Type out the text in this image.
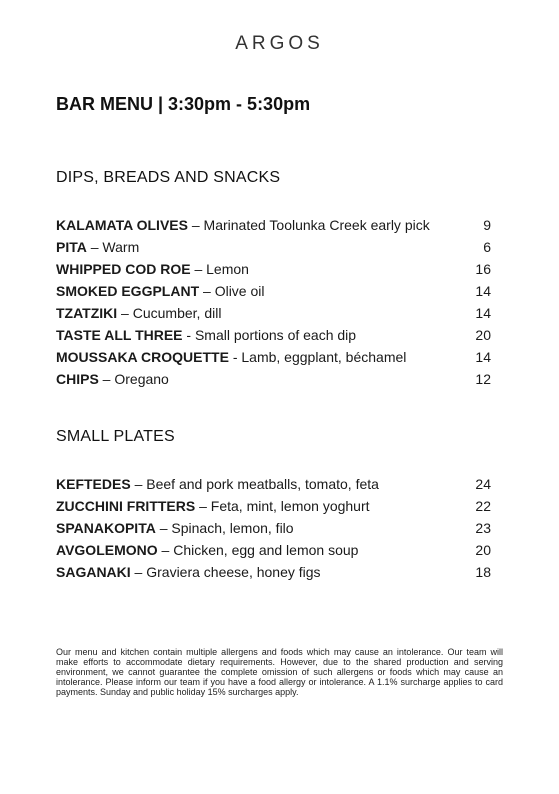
ARGOS
BAR MENU | 3:30pm - 5:30pm
DIPS, BREADS AND SNACKS
KALAMATA OLIVES – Marinated Toolunka Creek early pick	9
PITA – Warm	6
WHIPPED COD ROE – Lemon	16
SMOKED EGGPLANT – Olive oil	14
TZATZIKI – Cucumber, dill	14
TASTE ALL THREE - Small portions of each dip	20
MOUSSAKA CROQUETTE - Lamb, eggplant, béchamel	14
CHIPS – Oregano	12
SMALL PLATES
KEFTEDES – Beef and pork meatballs, tomato, feta	24
ZUCCHINI FRITTERS – Feta, mint, lemon yoghurt	22
SPANAKOPITA – Spinach, lemon, filo	23
AVGOLEMONO – Chicken, egg and lemon soup	20
SAGANAKI – Graviera cheese, honey figs	18
Our menu and kitchen contain multiple allergens and foods which may cause an intolerance. Our team will make efforts to accommodate dietary requirements. However, due to the shared production and serving environment, we cannot guarantee the complete omission of such allergens or foods which may cause an intolerance. Please inform our team if you have a food allergy or intolerance. A 1.1% surcharge applies to card payments. Sunday and public holiday 15% surcharges apply.
